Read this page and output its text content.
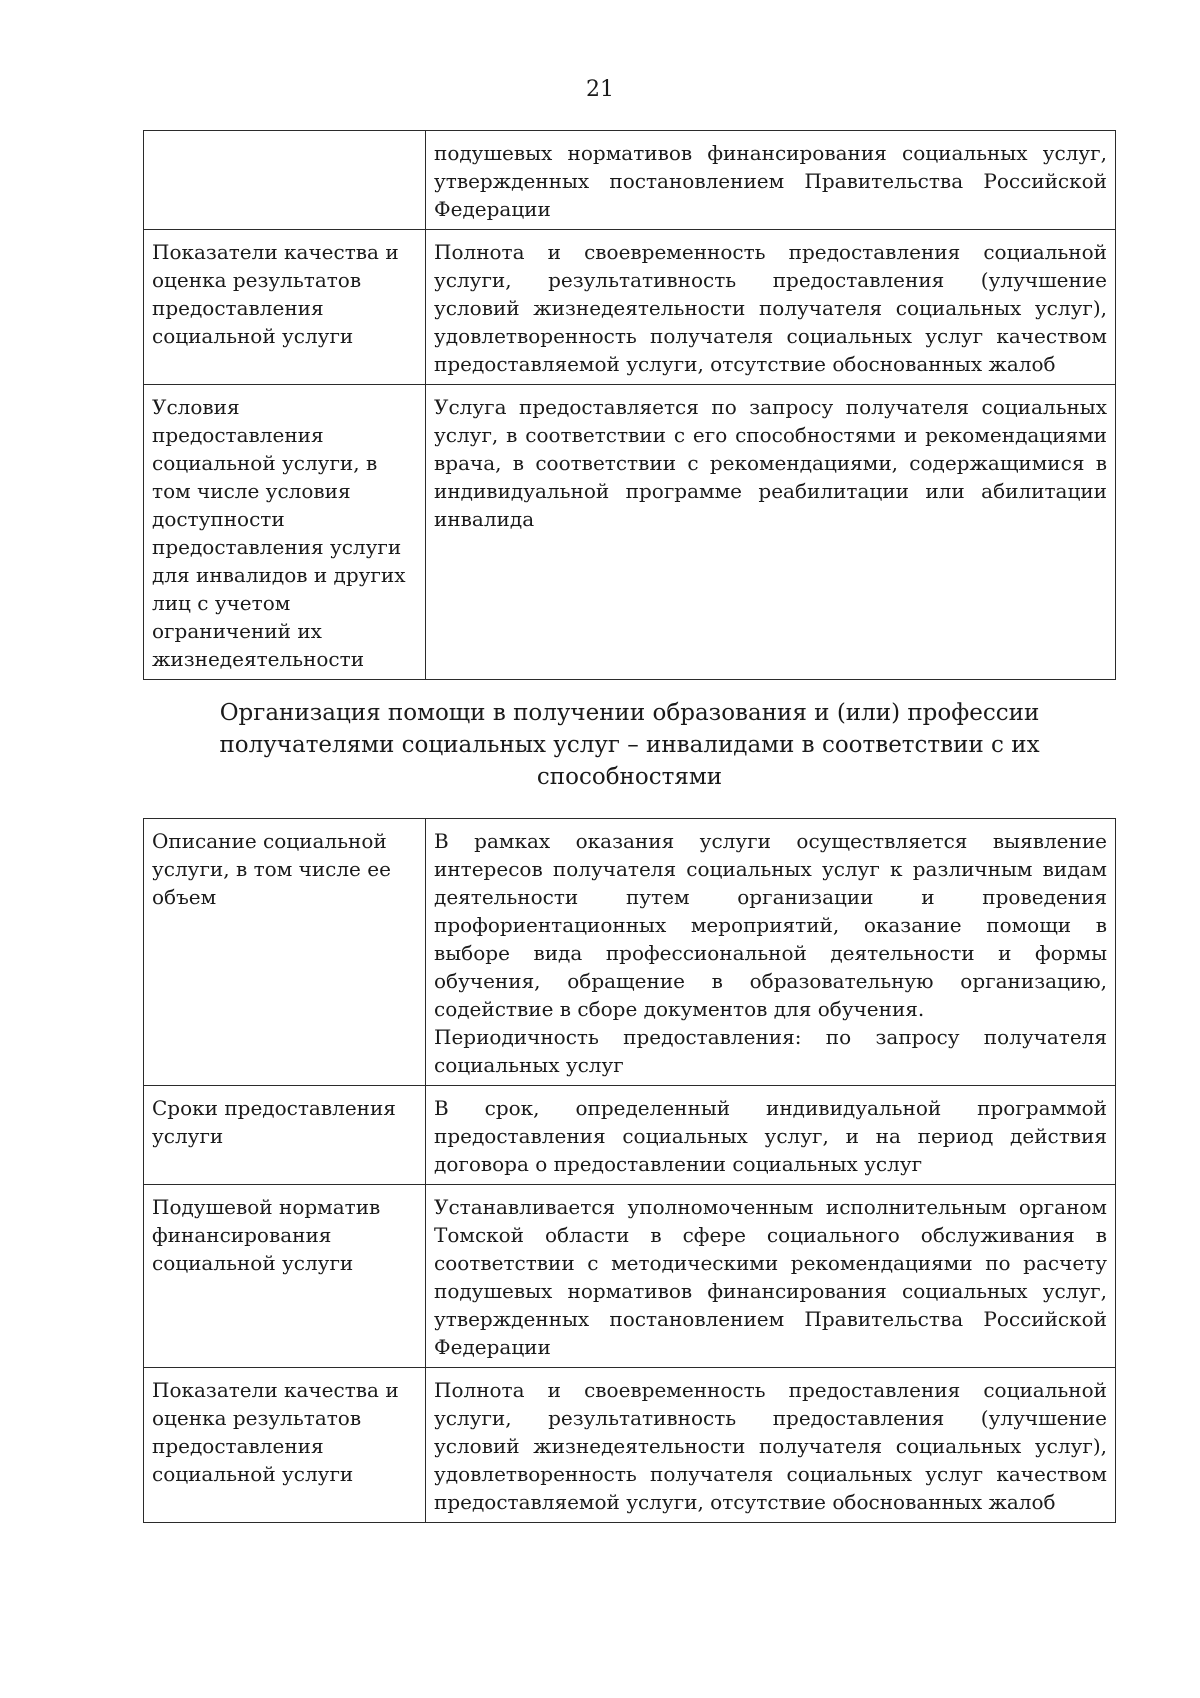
21
	подушевых нормативов финансирования социальных услуг, утвержденных постановлением Правительства Российской Федерации
Показатели качества и оценка результатов предоставления социальной услуги	Полнота и своевременность предоставления социальной услуги, результативность предоставления (улучшение условий жизнедеятельности получателя социальных услуг), удовлетворенность получателя социальных услуг качеством предоставляемой услуги, отсутствие обоснованных жалоб
Условия предоставления социальной услуги, в том числе условия доступности предоставления услуги для инвалидов и других лиц с учетом ограничений их жизнедеятельности	Услуга предоставляется по запросу получателя социальных услуг, в соответствии с его способностями и рекомендациями врача, в соответствии с рекомендациями, содержащимися в индивидуальной программе реабилитации или абилитации инвалида
Организация помощи в получении образования и (или) профессии получателями социальных услуг – инвалидами в соответствии с их способностями
Описание социальной услуги, в том числе ее объем	В рамках оказания услуги осуществляется выявление интересов получателя социальных услуг к различным видам деятельности путем организации и проведения профориентационных мероприятий, оказание помощи в выборе вида профессиональной деятельности и формы обучения, обращение в образовательную организацию, содействие в сборе документов для обучения.
Периодичность предоставления: по запросу получателя социальных услуг

Сроки предоставления услуги	В срок, определенный индивидуальной программой предоставления социальных услуг, и на период действия договора о предоставлении социальных услуг
Подушевой норматив финансирования социальной услуги	Устанавливается уполномоченным исполнительным органом Томской области в сфере социального обслуживания в соответствии с методическими рекомендациями по расчету подушевых нормативов финансирования социальных услуг, утвержденных постановлением Правительства Российской Федерации
Показатели качества и оценка результатов предоставления социальной услуги	Полнота и своевременность предоставления социальной услуги, результативность предоставления (улучшение условий жизнедеятельности получателя социальных услуг), удовлетворенность получателя социальных услуг качеством предоставляемой услуги, отсутствие обоснованных жалоб
